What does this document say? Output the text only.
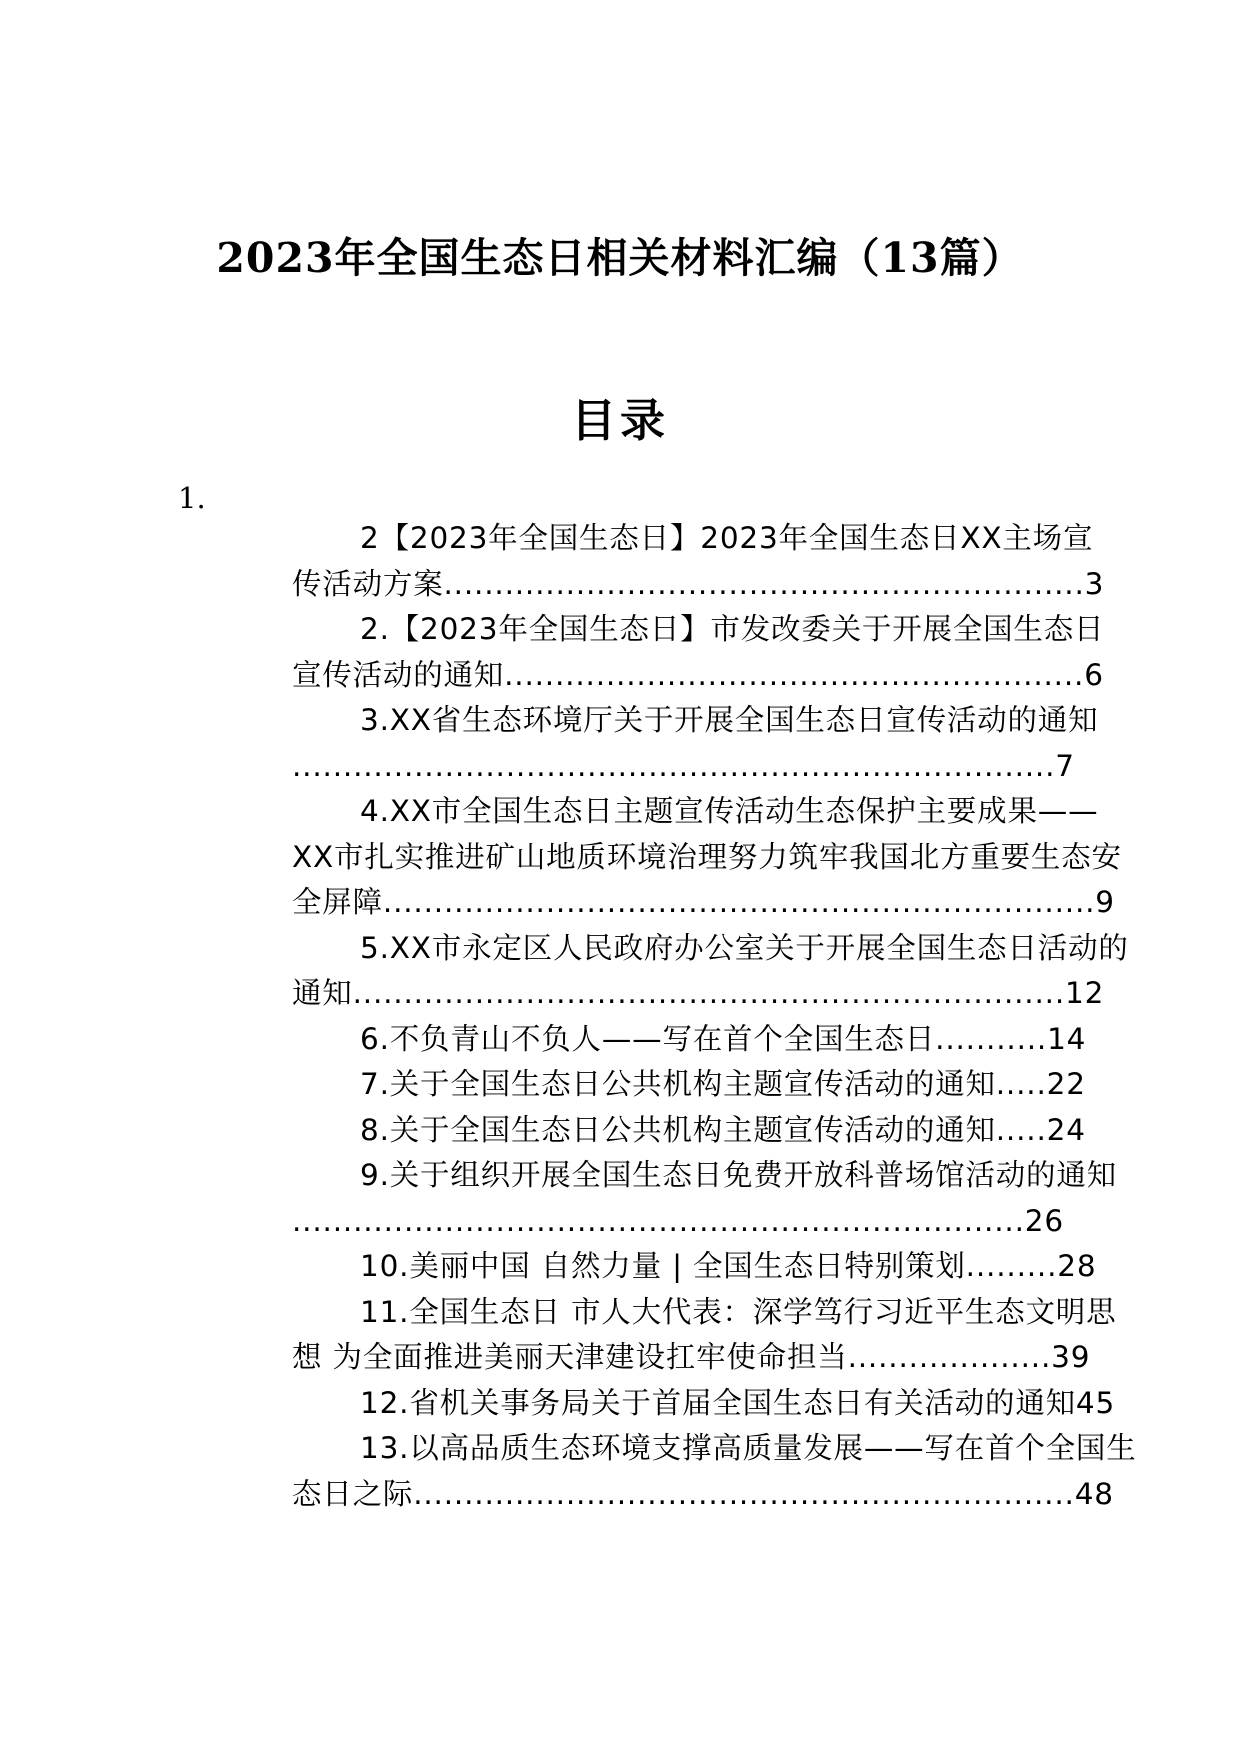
2023年全国生态日相关材料汇编（13篇）
目录
1.
2【2023年全国生态日】2023年全国生态日XX主场宣
传活动方案...............................................................3
2.【2023年全国生态日】市发改委关于开展全国生态日
宣传活动的通知.........................................................6
3.XX省生态环境厅关于开展全国生态日宣传活动的通知
...........................................................................7
4.XX市全国生态日主题宣传活动生态保护主要成果——
XX市扎实推进矿山地质环境治理努力筑牢我国北方重要生态安
全屏障......................................................................9
5.XX市永定区人民政府办公室关于开展全国生态日活动的
通知......................................................................12
6.不负青山不负人——写在首个全国生态日...........14
7.关于全国生态日公共机构主题宣传活动的通知.....22
8.关于全国生态日公共机构主题宣传活动的通知.....24
9.关于组织开展全国生态日免费开放科普场馆活动的通知
........................................................................26
10.美丽中国 自然力量 | 全国生态日特别策划.........28
11.全国生态日 市人大代表：深学笃行习近平生态文明思
想 为全面推进美丽天津建设扛牢使命担当....................39
12.省机关事务局关于首届全国生态日有关活动的通知45
13.以高品质生态环境支撑高质量发展——写在首个全国生
态日之际.................................................................48
